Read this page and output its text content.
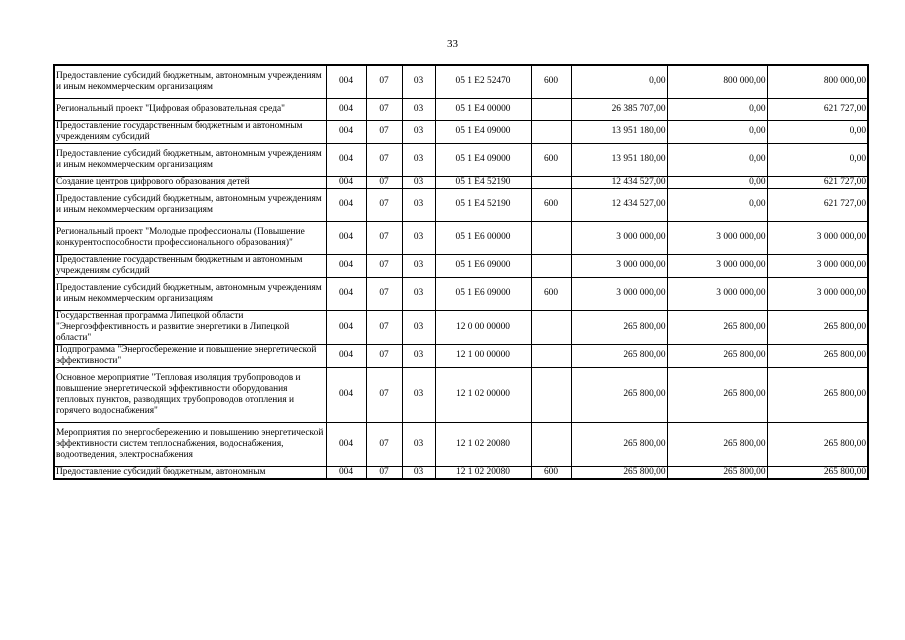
33
Предоставление субсидий бюджетным, автономным учреждениям и иным некоммерческим организациям	004	07	03	05 1 E2 52470	600	0,00	800 000,00	800 000,00
Региональный проект "Цифровая образовательная среда"	004	07	03	05 1 E4 00000		26 385 707,00	0,00	621 727,00
Предоставление государственным бюджетным и автономным учреждениям субсидий	004	07	03	05 1 E4 09000		13 951 180,00	0,00	0,00
Предоставление субсидий бюджетным, автономным учреждениям и иным некоммерческим организациям	004	07	03	05 1 E4 09000	600	13 951 180,00	0,00	0,00
Создание центров цифрового образования детей	004	07	03	05 1 E4 52190		12 434 527,00	0,00	621 727,00
Предоставление субсидий бюджетным, автономным учреждениям и иным некоммерческим организациям	004	07	03	05 1 E4 52190	600	12 434 527,00	0,00	621 727,00
Региональный проект "Молодые профессионалы (Повышение конкурентоспособности профессионального образования)"	004	07	03	05 1 E6 00000		3 000 000,00	3 000 000,00	3 000 000,00
Предоставление государственным бюджетным и автономным учреждениям субсидий	004	07	03	05 1 E6 09000		3 000 000,00	3 000 000,00	3 000 000,00
Предоставление субсидий бюджетным, автономным учреждениям и иным некоммерческим организациям	004	07	03	05 1 E6 09000	600	3 000 000,00	3 000 000,00	3 000 000,00
Государственная программа Липецкой области "Энергоэффективность и развитие энергетики в Липецкой области"	004	07	03	12 0 00 00000		265 800,00	265 800,00	265 800,00
Подпрограмма "Энергосбережение и повышение энергетической эффективности"	004	07	03	12 1 00 00000		265 800,00	265 800,00	265 800,00
Основное мероприятие "Тепловая изоляция трубопроводов и повышение энергетической эффективности оборудования тепловых пунктов, разводящих трубопроводов отопления и горячего водоснабжения"	004	07	03	12 1 02 00000		265 800,00	265 800,00	265 800,00
Мероприятия по энергосбережению и повышению энергетической эффективности систем теплоснабжения, водоснабжения, водоотведения, электроснабжения	004	07	03	12 1 02 20080		265 800,00	265 800,00	265 800,00
Предоставление субсидий бюджетным, автономным	004	07	03	12 1 02 20080	600	265 800,00	265 800,00	265 800,00
